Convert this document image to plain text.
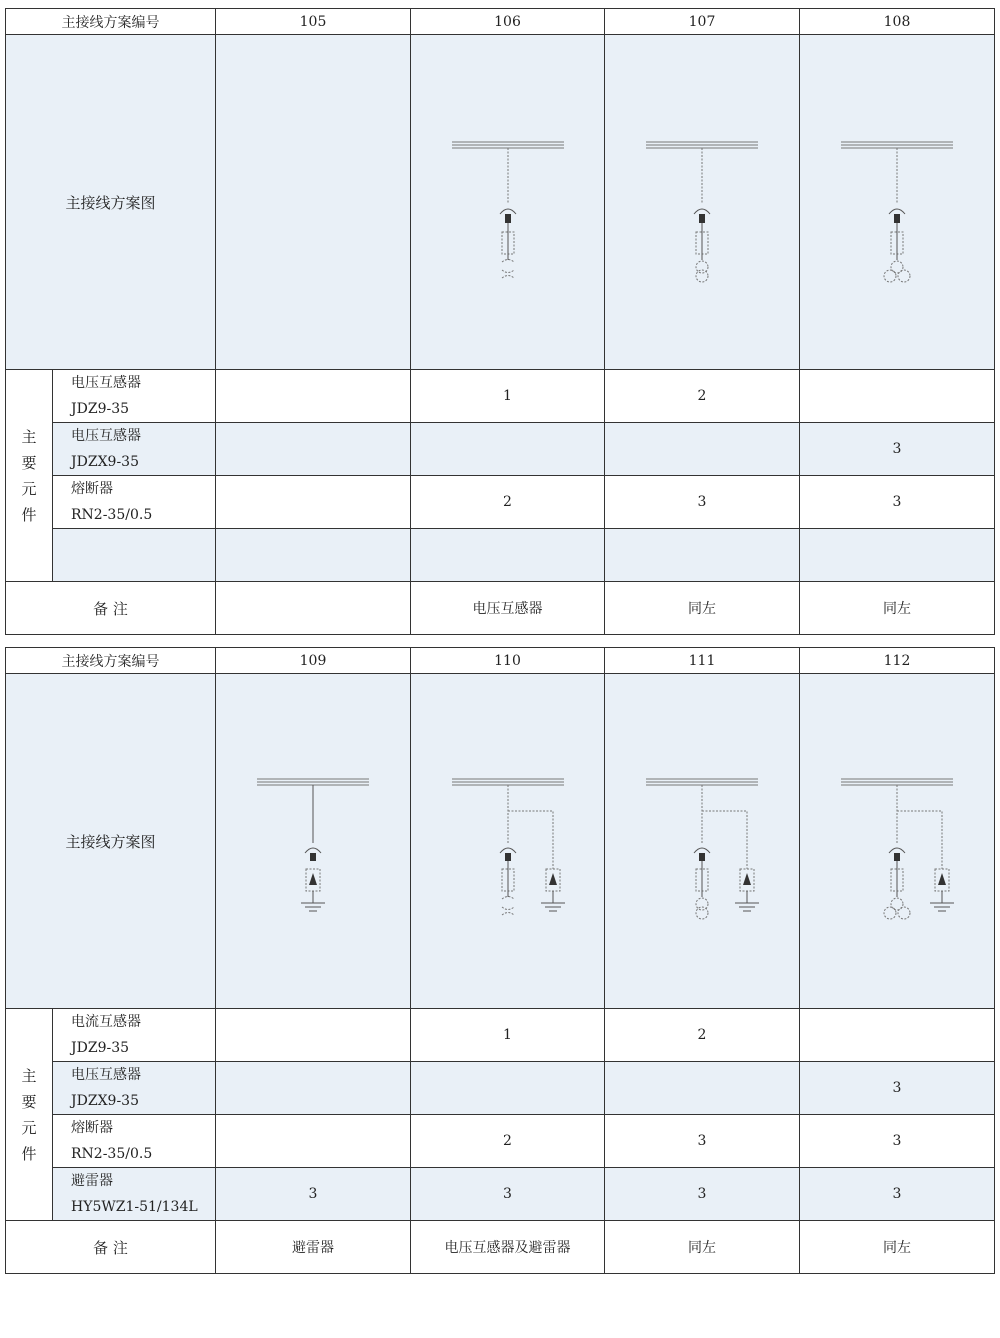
主接线方案编号		105	106	107	108
主接线方案图		

主
要
元
件	电压互感器
JDZ9-35		1	2	

	电压互感器
JDZX9-35				3

	熔断器
RN2-35/0.5		2	3	3

备 注			电压互感器	同左	同左
主接线方案编号		109	110	111	112
主接线方案图	

主
要
元
件	电流互感器
JDZ9-35		1	2	

	电压互感器
JDZX9-35				3

	熔断器
RN2-35/0.5		2	3	3

	避雷器
HY5WZ1-51/134L	3	3	3	3
备 注		避雷器	电压互感器及避雷器	同左	同左
